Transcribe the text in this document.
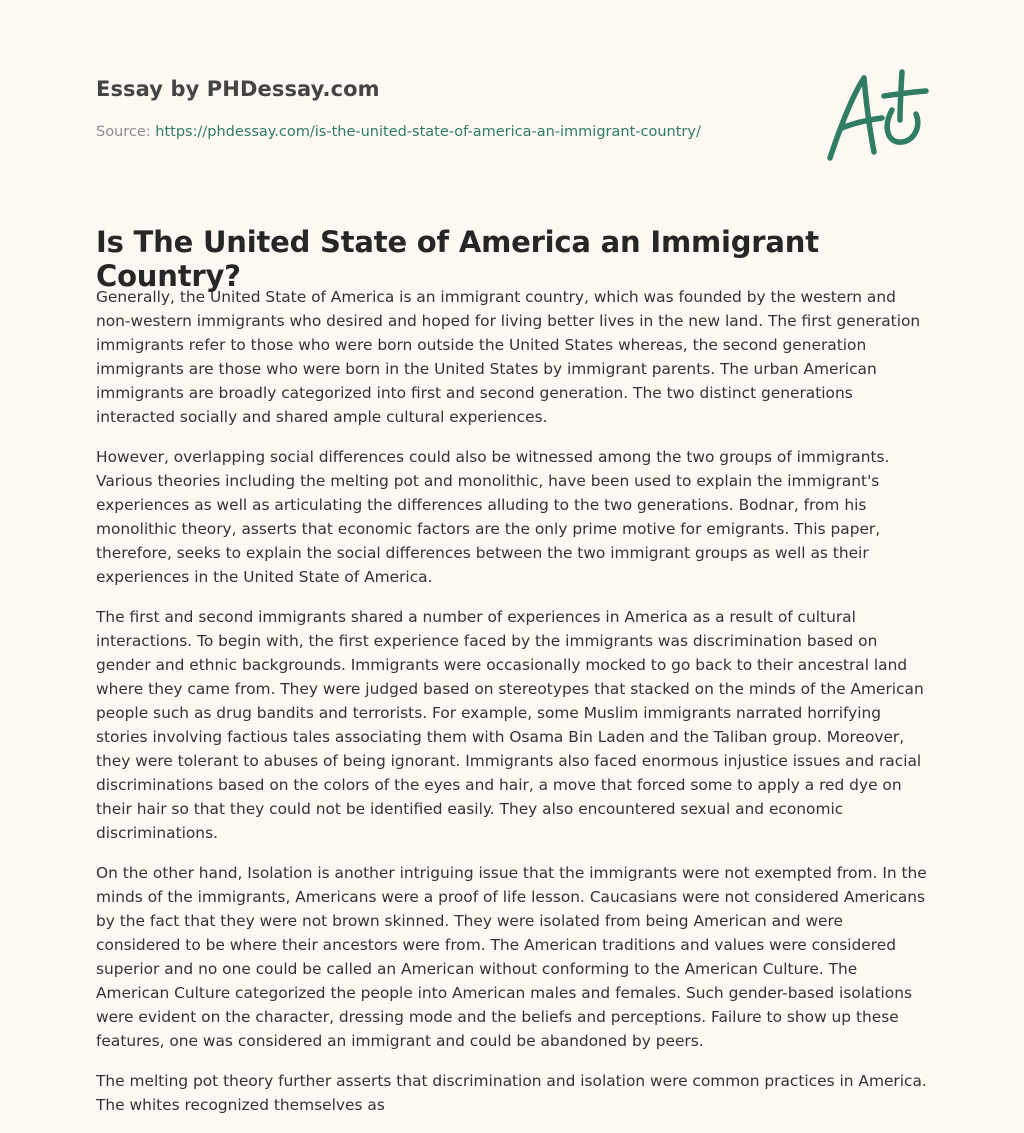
Essay by PHDessay.com
Source: https://phdessay.com/is-the-united-state-of-america-an-immigrant-country/
Is The United State of America an Immigrant Country?

Generally, the United State of America is an immigrant country, which was founded by the western and non-western immigrants who desired and hoped for living better lives in the new land. The first generation immigrants refer to those who were born outside the United States whereas, the second generation immigrants are those who were born in the United States by immigrant parents. The urban American immigrants are broadly categorized into first and second generation. The two distinct generations interacted socially and shared ample cultural experiences.

However, overlapping social differences could also be witnessed among the two groups of immigrants. Various theories including the melting pot and monolithic, have been used to explain the immigrant's experiences as well as articulating the differences alluding to the two generations. Bodnar, from his monolithic theory, asserts that economic factors are the only prime motive for emigrants. This paper, therefore, seeks to explain the social differences between the two immigrant groups as well as their experiences in the United State of America.

The first and second immigrants shared a number of experiences in America as a result of cultural interactions. To begin with, the first experience faced by the immigrants was discrimination based on gender and ethnic backgrounds. Immigrants were occasionally mocked to go back to their ancestral land where they came from. They were judged based on stereotypes that stacked on the minds of the American people such as drug bandits and terrorists. For example, some Muslim immigrants narrated horrifying stories involving factious tales associating them with Osama Bin Laden and the Taliban group. Moreover, they were tolerant to abuses of being ignorant. Immigrants also faced enormous injustice issues and racial discriminations based on the colors of the eyes and hair, a move that forced some to apply a red dye on their hair so that they could not be identified easily. They also encountered sexual and economic discriminations.

On the other hand, Isolation is another intriguing issue that the immigrants were not exempted from. In the minds of the immigrants, Americans were a proof of life lesson. Caucasians were not considered Americans by the fact that they were not brown skinned. They were isolated from being American and were considered to be where their ancestors were from. The American traditions and values were considered superior and no one could be called an American without conforming to the American Culture. The American Culture categorized the people into American males and females. Such gender-based isolations were evident on the character, dressing mode and the beliefs and perceptions. Failure to show up these features, one was considered an immigrant and could be abandoned by peers.

The melting pot theory further asserts that discrimination and isolation were common practices in America. The whites recognized themselves as
